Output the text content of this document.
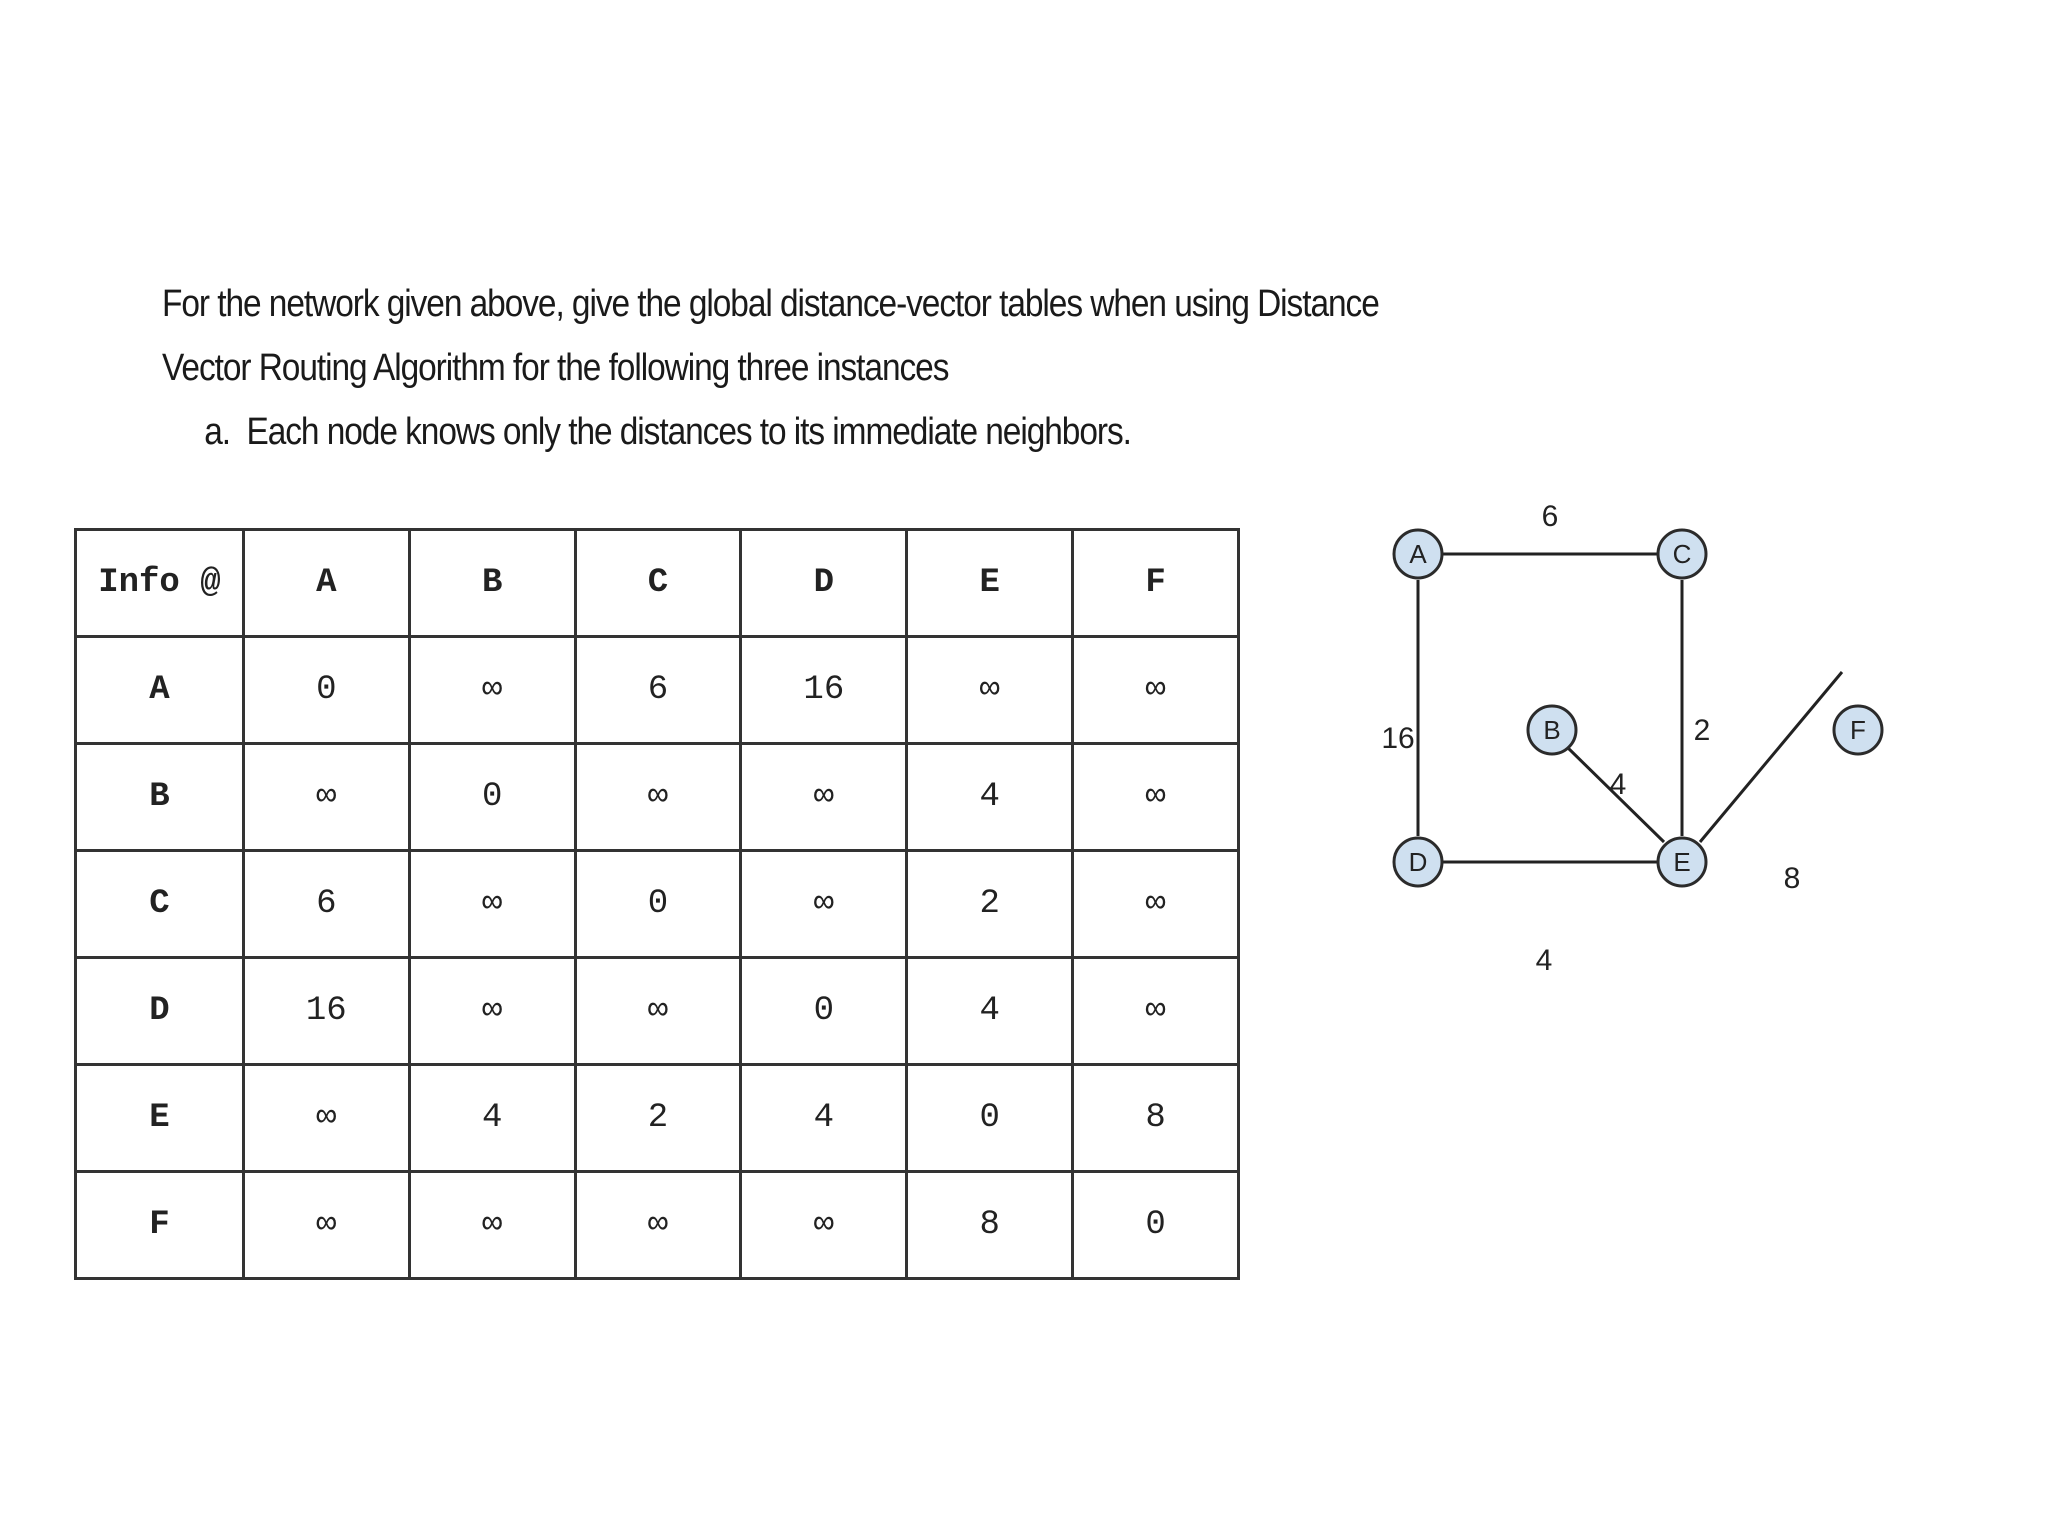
For the network given above, give the global distance-vector tables when using Distance
Vector Routing Algorithm for the following three instances
a. Each node knows only the distances to its immediate neighbors.
Info @	A	B	C	D	E	F
A	0	∞	6	16	∞	∞
B	∞	0	∞	∞	4	∞
C	6	∞	0	∞	2	∞
D	16	∞	∞	0	4	∞
E	∞	4	2	4	0	8
F	∞	∞	∞	∞	8	0
6
16	2
4
4
8
A	C
B	F
D	E
